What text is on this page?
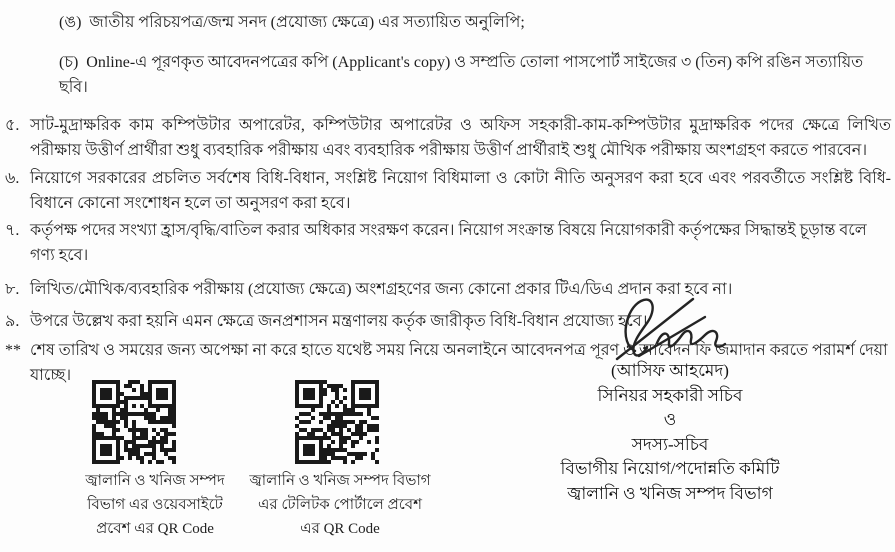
(ঙ) জাতীয় পরিচয়পত্র/জন্ম সনদ (প্রযোজ্য ক্ষেত্রে) এর সত্যায়িত অনুলিপি;
(চ) Online-এ পূরণকৃত আবেদনপত্রের কপি (Applicant's copy) ও সম্প্রতি তোলা পাসপোর্ট সাইজের ৩ (তিন) কপি রঙিন সত্যায়িত ছবি।
৫. সাট-মুদ্রাক্ষরিক কাম কম্পিউটার অপারেটর, কম্পিউটার অপারেটর ও অফিস সহকারী-কাম-কম্পিউটার মুদ্রাক্ষরিক পদের ক্ষেত্রে লিখিত পরীক্ষায় উত্তীর্ণ প্রার্থীরা শুধু ব্যবহারিক পরীক্ষায় এবং ব্যবহারিক পরীক্ষায় উত্তীর্ণ প্রার্থীরাই শুধু মৌখিক পরীক্ষায় অংশগ্রহণ করতে পারবেন।
৬. নিয়োগে সরকারের প্রচলিত সর্বশেষ বিধি-বিধান, সংশ্লিষ্ট নিয়োগ বিধিমালা ও কোটা নীতি অনুসরণ করা হবে এবং পরবর্তীতে সংশ্লিষ্ট বিধি-বিধানে কোনো সংশোধন হলে তা অনুসরণ করা হবে।
৭. কর্তৃপক্ষ পদের সংখ্যা হ্রাস/বৃদ্ধি/বাতিল করার অধিকার সংরক্ষণ করেন। নিয়োগ সংক্রান্ত বিষয়ে নিয়োগকারী কর্তৃপক্ষের সিদ্ধান্তই চূড়ান্ত বলে গণ্য হবে।
৮. লিখিত/মৌখিক/ব্যবহারিক পরীক্ষায় (প্রযোজ্য ক্ষেত্রে) অংশগ্রহণের জন্য কোনো প্রকার টিএ/ডিএ প্রদান করা হবে না।
৯. উপরে উল্লেখ করা হয়নি এমন ক্ষেত্রে জনপ্রশাসন মন্ত্রণালয় কর্তৃক জারীকৃত বিধি-বিধান প্রযোজ্য হবে।
** শেষ তারিখ ও সময়ের জন্য অপেক্ষা না করে হাতে যথেষ্ট সময় নিয়ে অনলাইনে আবেদনপত্র পূরণ ও আবেদন ফি জমাদান করতে পরামর্শ দেয়া যাচ্ছে।	(আসিফ আহমেদ)
সিনিয়র সহকারী সচিব
ও
সদস্য-সচিব
বিভাগীয় নিয়োগ/পদোন্নতি কমিটি
জ্বালানি ও খনিজ সম্পদ বিভাগ
জ্বালানি ও খনিজ সম্পদ
বিভাগ এর ওয়েবসাইটে
প্রবেশ এর QR Code
জ্বালানি ও খনিজ সম্পদ বিভাগ
এর টেলিটক পোর্টালে প্রবেশ
এর QR Code
